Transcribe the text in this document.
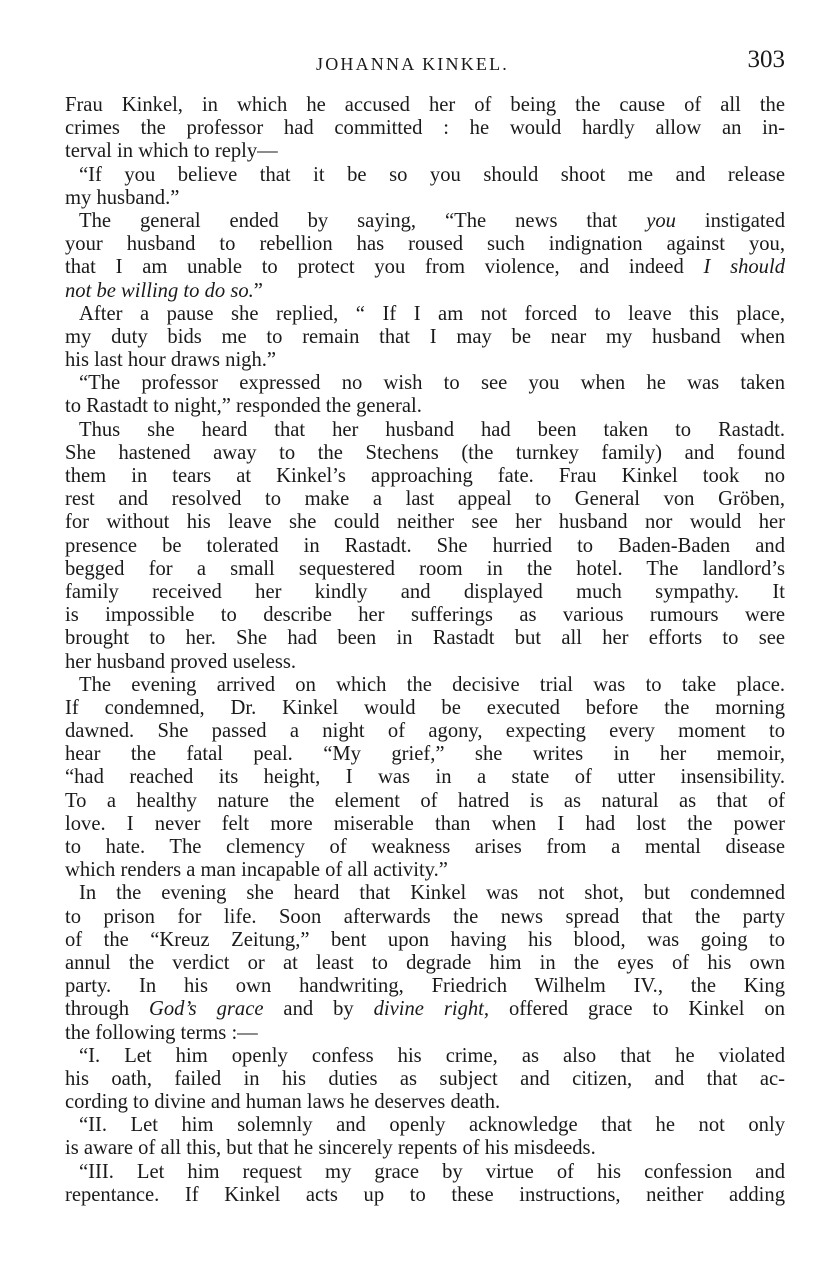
JOHANNA KINKEL.	303
Frau Kinkel, in which he accused her of being the cause of all the
crimes the professor had committed : he would hardly allow an in-
terval in which to reply—
“If you believe that it be so you should shoot me and release
my husband.”
The general ended by saying, “The news that you instigated
your husband to rebellion has roused such indignation against you,
that I am unable to protect you from violence, and indeed I should
not be willing to do so.”
After a pause she replied, “ If I am not forced to leave this place,
my duty bids me to remain that I may be near my husband when
his last hour draws nigh.”
“The professor expressed no wish to see you when he was taken
to Rastadt to night,” responded the general.
Thus she heard that her husband had been taken to Rastadt.
She hastened away to the Stechens (the turnkey family) and found
them in tears at Kinkel’s approaching fate. Frau Kinkel took no
rest and resolved to make a last appeal to General von Gröben,
for without his leave she could neither see her husband nor would her
presence be tolerated in Rastadt. She hurried to Baden-Baden and
begged for a small sequestered room in the hotel. The landlord’s
family received her kindly and displayed much sympathy. It
is impossible to describe her sufferings as various rumours were
brought to her. She had been in Rastadt but all her efforts to see
her husband proved useless.
The evening arrived on which the decisive trial was to take place.
If condemned, Dr. Kinkel would be executed before the morning
dawned. She passed a night of agony, expecting every moment to
hear the fatal peal. “My grief,” she writes in her memoir,
“had reached its height, I was in a state of utter insensibility.
To a healthy nature the element of hatred is as natural as that of
love. I never felt more miserable than when I had lost the power
to hate. The clemency of weakness arises from a mental disease
which renders a man incapable of all activity.”
In the evening she heard that Kinkel was not shot, but condemned
to prison for life. Soon afterwards the news spread that the party
of the “Kreuz Zeitung,” bent upon having his blood, was going to
annul the verdict or at least to degrade him in the eyes of his own
party. In his own handwriting, Friedrich Wilhelm IV., the King
through God’s grace and by divine right, offered grace to Kinkel on
the following terms :—
“I. Let him openly confess his crime, as also that he violated
his oath, failed in his duties as subject and citizen, and that ac-
cording to divine and human laws he deserves death.
“II. Let him solemnly and openly acknowledge that he not only
is aware of all this, but that he sincerely repents of his misdeeds.
“III. Let him request my grace by virtue of his confession and
repentance. If Kinkel acts up to these instructions, neither adding
